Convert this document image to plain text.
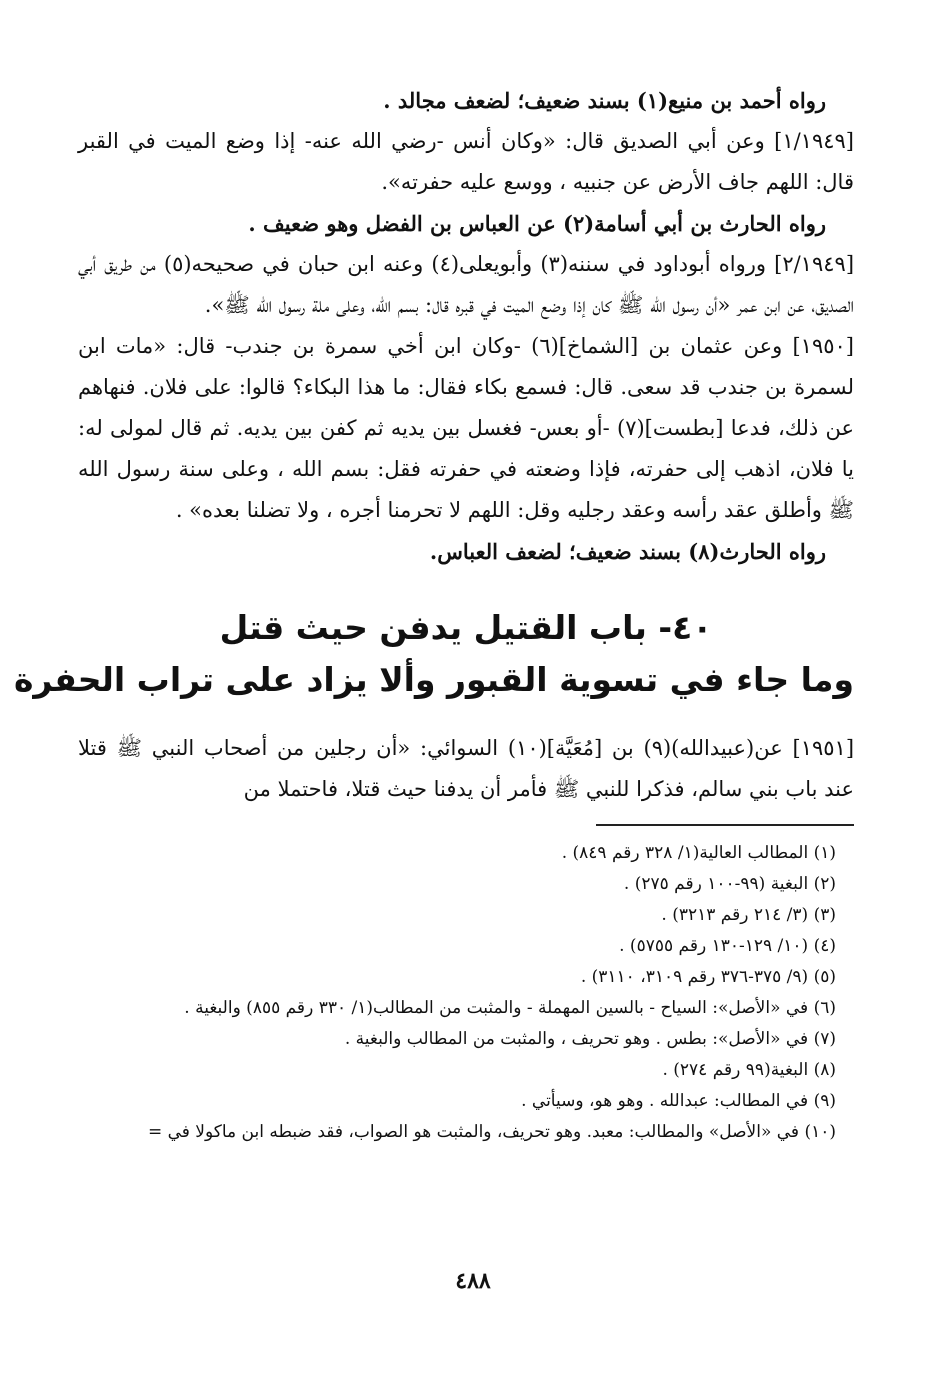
رواه أحمد بن منيع(١) بسند ضعيف؛ لضعف مجالد .

[١/١٩٤٩] وعن أبي الصديق قال: «وكان أنس -رضي الله عنه- إذا وضع الميت في القبر قال: اللهم جاف الأرض عن جنبيه ، ووسع عليه حفرته».

رواه الحارث بن أبي أسامة(٢) عن العباس بن الفضل وهو ضعيف .

[٢/١٩٤٩] ورواه أبوداود في سننه(٣) وأبويعلى(٤) وعنه ابن حبان في صحيحه(٥) من طريق أبي الصديق، عن ابن عمر «أن رسول الله ﷺ كان إذا وضع الميت في قبره قال: بسم الله، وعلى ملة رسول الله ﷺ».

[١٩٥٠] وعن عثمان بن [الشماخ](٦) -وكان ابن أخي سمرة بن جندب- قال: «مات ابن لسمرة بن جندب قد سعى. قال: فسمع بكاء فقال: ما هذا البكاء؟ قالوا: على فلان. فنهاهم عن ذلك، فدعا [بطست](٧) -أو بعس- فغسل بين يديه ثم كفن بين يديه. ثم قال لمولى له: يا فلان، اذهب إلى حفرته، فإذا وضعته في حفرته فقل: بسم الله ، وعلى سنة رسول الله ﷺ وأطلق عقد رأسه وعقد رجليه وقل: اللهم لا تحرمنا أجره ، ولا تضلنا بعده» .

رواه الحارث(٨) بسند ضعيف؛ لضعف العباس.

٤٠- باب القتيل يدفن حيث قتل
وما جاء في تسوية القبور وألا يزاد على تراب الحفرة

[١٩٥١] عن(عبيدالله)(٩) بن [مُعَيَّة](١٠) السوائي: «أن رجلين من أصحاب النبي ﷺ قتلا عند باب بني سالم، فذكرا للنبي ﷺ فأمر أن يدفنا حيث قتلا، فاحتملا من

(١) المطالب العالية(١/ ٣٢٨ رقم ٨٤٩) .

(٢) البغية (٩٩-١٠٠ رقم ٢٧٥) .

(٣) (٣/ ٢١٤ رقم ٣٢١٣) .

(٤) (١٠/ ١٢٩-١٣٠ رقم ٥٧٥٥) .

(٥) (٩/ ٣٧٥-٣٧٦ رقم ٣١٠٩، ٣١١٠) .

(٦) في «الأصل»: السياح - بالسين المهملة - والمثبت من المطالب(١/ ٣٣٠ رقم ٨٥٥) والبغية .

(٧) في «الأصل»: بطس . وهو تحريف ، والمثبت من المطالب والبغية .

(٨) البغية(٩٩ رقم ٢٧٤) .

(٩) في المطالب: عبدالله . وهو هو، وسيأتي .

(١٠) في «الأصل» والمطالب: معبد. وهو تحريف، والمثبت هو الصواب، فقد ضبطه ابن ماكولا في =

٤٨٨
